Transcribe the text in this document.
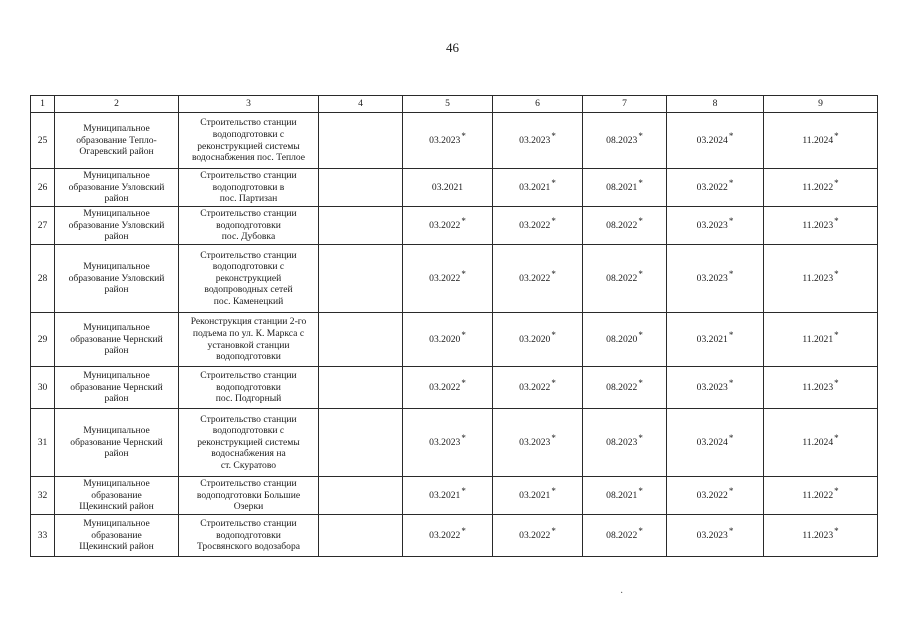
46
1	2	3	4	5	6	7	8	9
25	Муниципальное
образование Тепло-
Огаревский район	Строительство станции
водоподготовки с
реконструкцией системы
водоснабжения пос. Теплое		03.2023*	03.2023*	08.2023*	03.2024*	11.2024*
26	Муниципальное
образование Узловский
район	Строительство станции
водоподготовки в
пос. Партизан		03.2021	03.2021*	08.2021*	03.2022*	11.2022*
27	Муниципальное
образование Узловский
район	Строительство станции
водоподготовки
пос. Дубовка		03.2022*	03.2022*	08.2022*	03.2023*	11.2023*
28	Муниципальное
образование Узловский
район	Строительство станции
водоподготовки с
реконструкцией
водопроводных сетей
пос. Каменецкий		03.2022*	03.2022*	08.2022*	03.2023*	11.2023*
29	Муниципальное
образование Чернский
район	Реконструкция станции 2-го
подъема по ул. К. Маркса с
установкой станции
водоподготовки		03.2020*	03.2020*	08.2020*	03.2021*	11.2021*
30	Муниципальное
образование Чернский
район	Строительство станции
водоподготовки
пос. Подгорный		03.2022*	03.2022*	08.2022*	03.2023*	11.2023*
31	Муниципальное
образование Чернский
район	Строительство станции
водоподготовки с
реконструкцией системы
водоснабжения на
ст. Скуратово		03.2023*	03.2023*	08.2023*	03.2024*	11.2024*
32	Муниципальное
образование
Щекинский район	Строительство станции
водоподготовки Большие
Озерки		03.2021*	03.2021*	08.2021*	03.2022*	11.2022*
33	Муниципальное
образование
Щекинский район	Строительство станции
водоподготовки
Тросвянского водозабора		03.2022*	03.2022*	08.2022*	03.2023*	11.2023*
·
